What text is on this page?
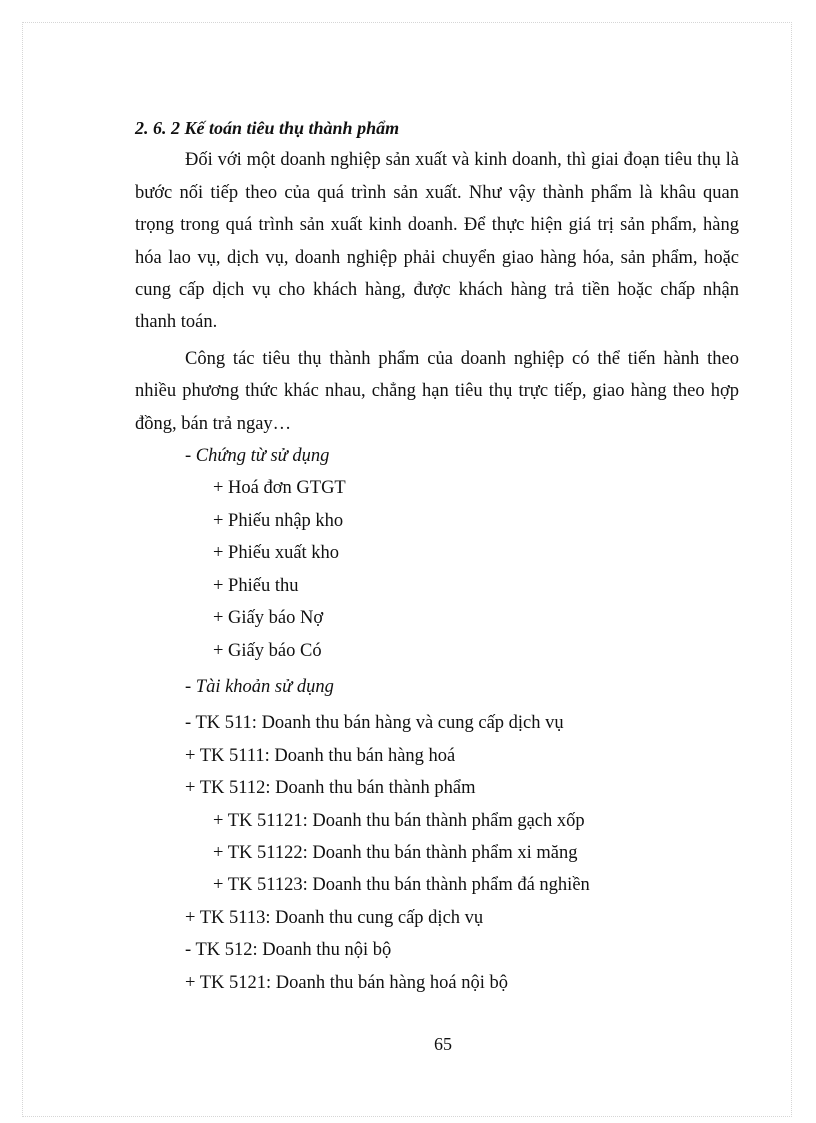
2. 6. 2 Kế toán tiêu thụ thành phẩm

Đối với một doanh nghiệp sản xuất và kinh doanh, thì giai đoạn tiêu thụ là bước nối tiếp theo của quá trình sản xuất. Như vậy thành phẩm là khâu quan trọng trong quá trình sản xuất kinh doanh. Để thực hiện giá trị sản phẩm, hàng hóa lao vụ, dịch vụ, doanh nghiệp phải chuyển giao hàng hóa, sản phẩm, hoặc cung cấp dịch vụ cho khách hàng, được khách hàng trả tiền hoặc chấp nhận thanh toán.

Công tác tiêu thụ thành phẩm của doanh nghiệp có thể tiến hành theo nhiều phương thức khác nhau, chẳng hạn tiêu thụ trực tiếp, giao hàng theo hợp đồng, bán trả ngay…

- Chứng từ sử dụng

+ Hoá đơn GTGT

+ Phiếu nhập kho

+ Phiếu xuất kho

+ Phiếu thu

+ Giấy báo Nợ

+ Giấy báo Có

- Tài khoản sử dụng

- TK 511: Doanh thu bán hàng và cung cấp dịch vụ

+ TK 5111: Doanh thu bán hàng hoá

+ TK 5112: Doanh thu bán thành phẩm

+ TK 51121: Doanh thu bán thành phẩm gạch xốp

+ TK 51122: Doanh thu bán thành phẩm xi măng

+ TK 51123: Doanh thu bán thành phẩm đá nghiền

+ TK 5113: Doanh thu cung cấp dịch vụ

- TK 512: Doanh thu nội bộ

+ TK 5121: Doanh thu bán hàng hoá nội bộ

65
